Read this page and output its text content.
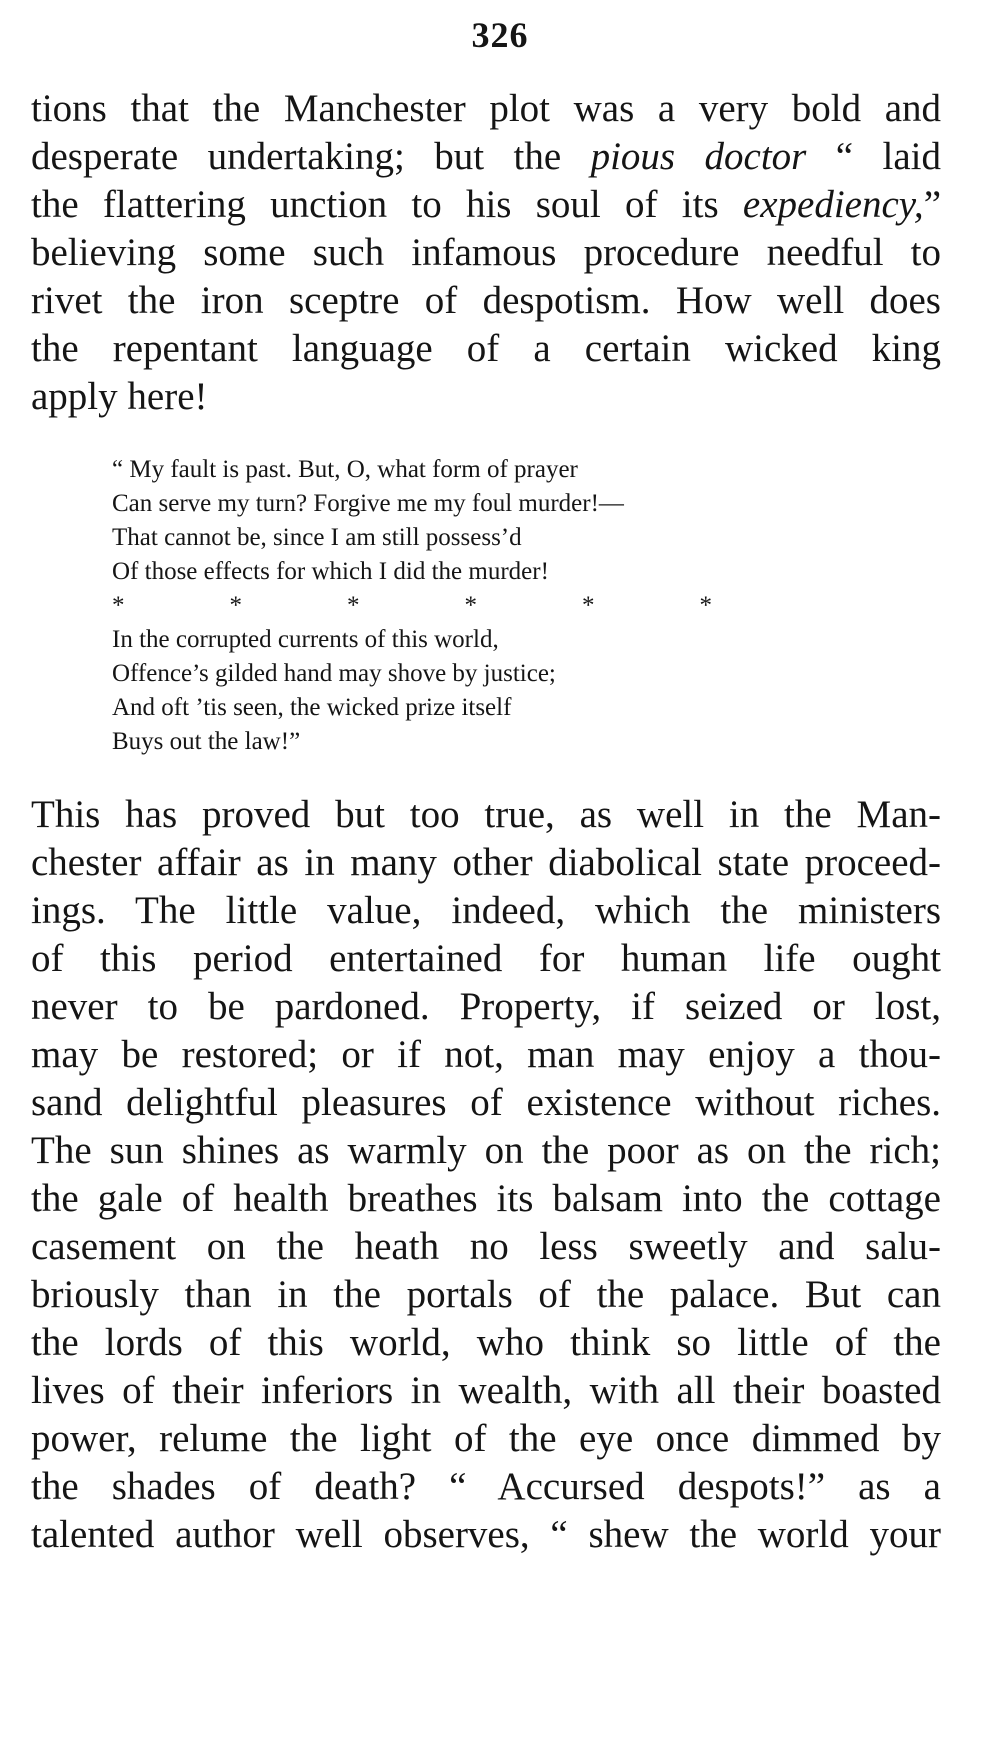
326
tions that the Manchester plot was a very bold and
desperate undertaking; but the pious doctor “ laid
the flattering unction to his soul of its expediency,”
believing some such infamous procedure needful to
rivet the iron sceptre of despotism. How well does
the repentant language of a certain wicked king
apply here!
“ My fault is past. But, O, what form of prayer
Can serve my turn? Forgive me my foul murder!—
That cannot be, since I am still possess’d
Of those effects for which I did the murder!
*	*	*	*	*	*
In the corrupted currents of this world,
Offence’s gilded hand may shove by justice;
And oft ’tis seen, the wicked prize itself
Buys out the law!”
This has proved but too true, as well in the Man-
chester affair as in many other diabolical state proceed-
ings. The little value, indeed, which the ministers
of this period entertained for human life ought
never to be pardoned. Property, if seized or lost,
may be restored; or if not, man may enjoy a thou-
sand delightful pleasures of existence without riches.
The sun shines as warmly on the poor as on the rich;
the gale of health breathes its balsam into the cottage
casement on the heath no less sweetly and salu-
briously than in the portals of the palace. But can
the lords of this world, who think so little of the
lives of their inferiors in wealth, with all their boasted
power, relume the light of the eye once dimmed by
the shades of death? “ Accursed despots!” as a
talented author well observes, “ shew the world your
